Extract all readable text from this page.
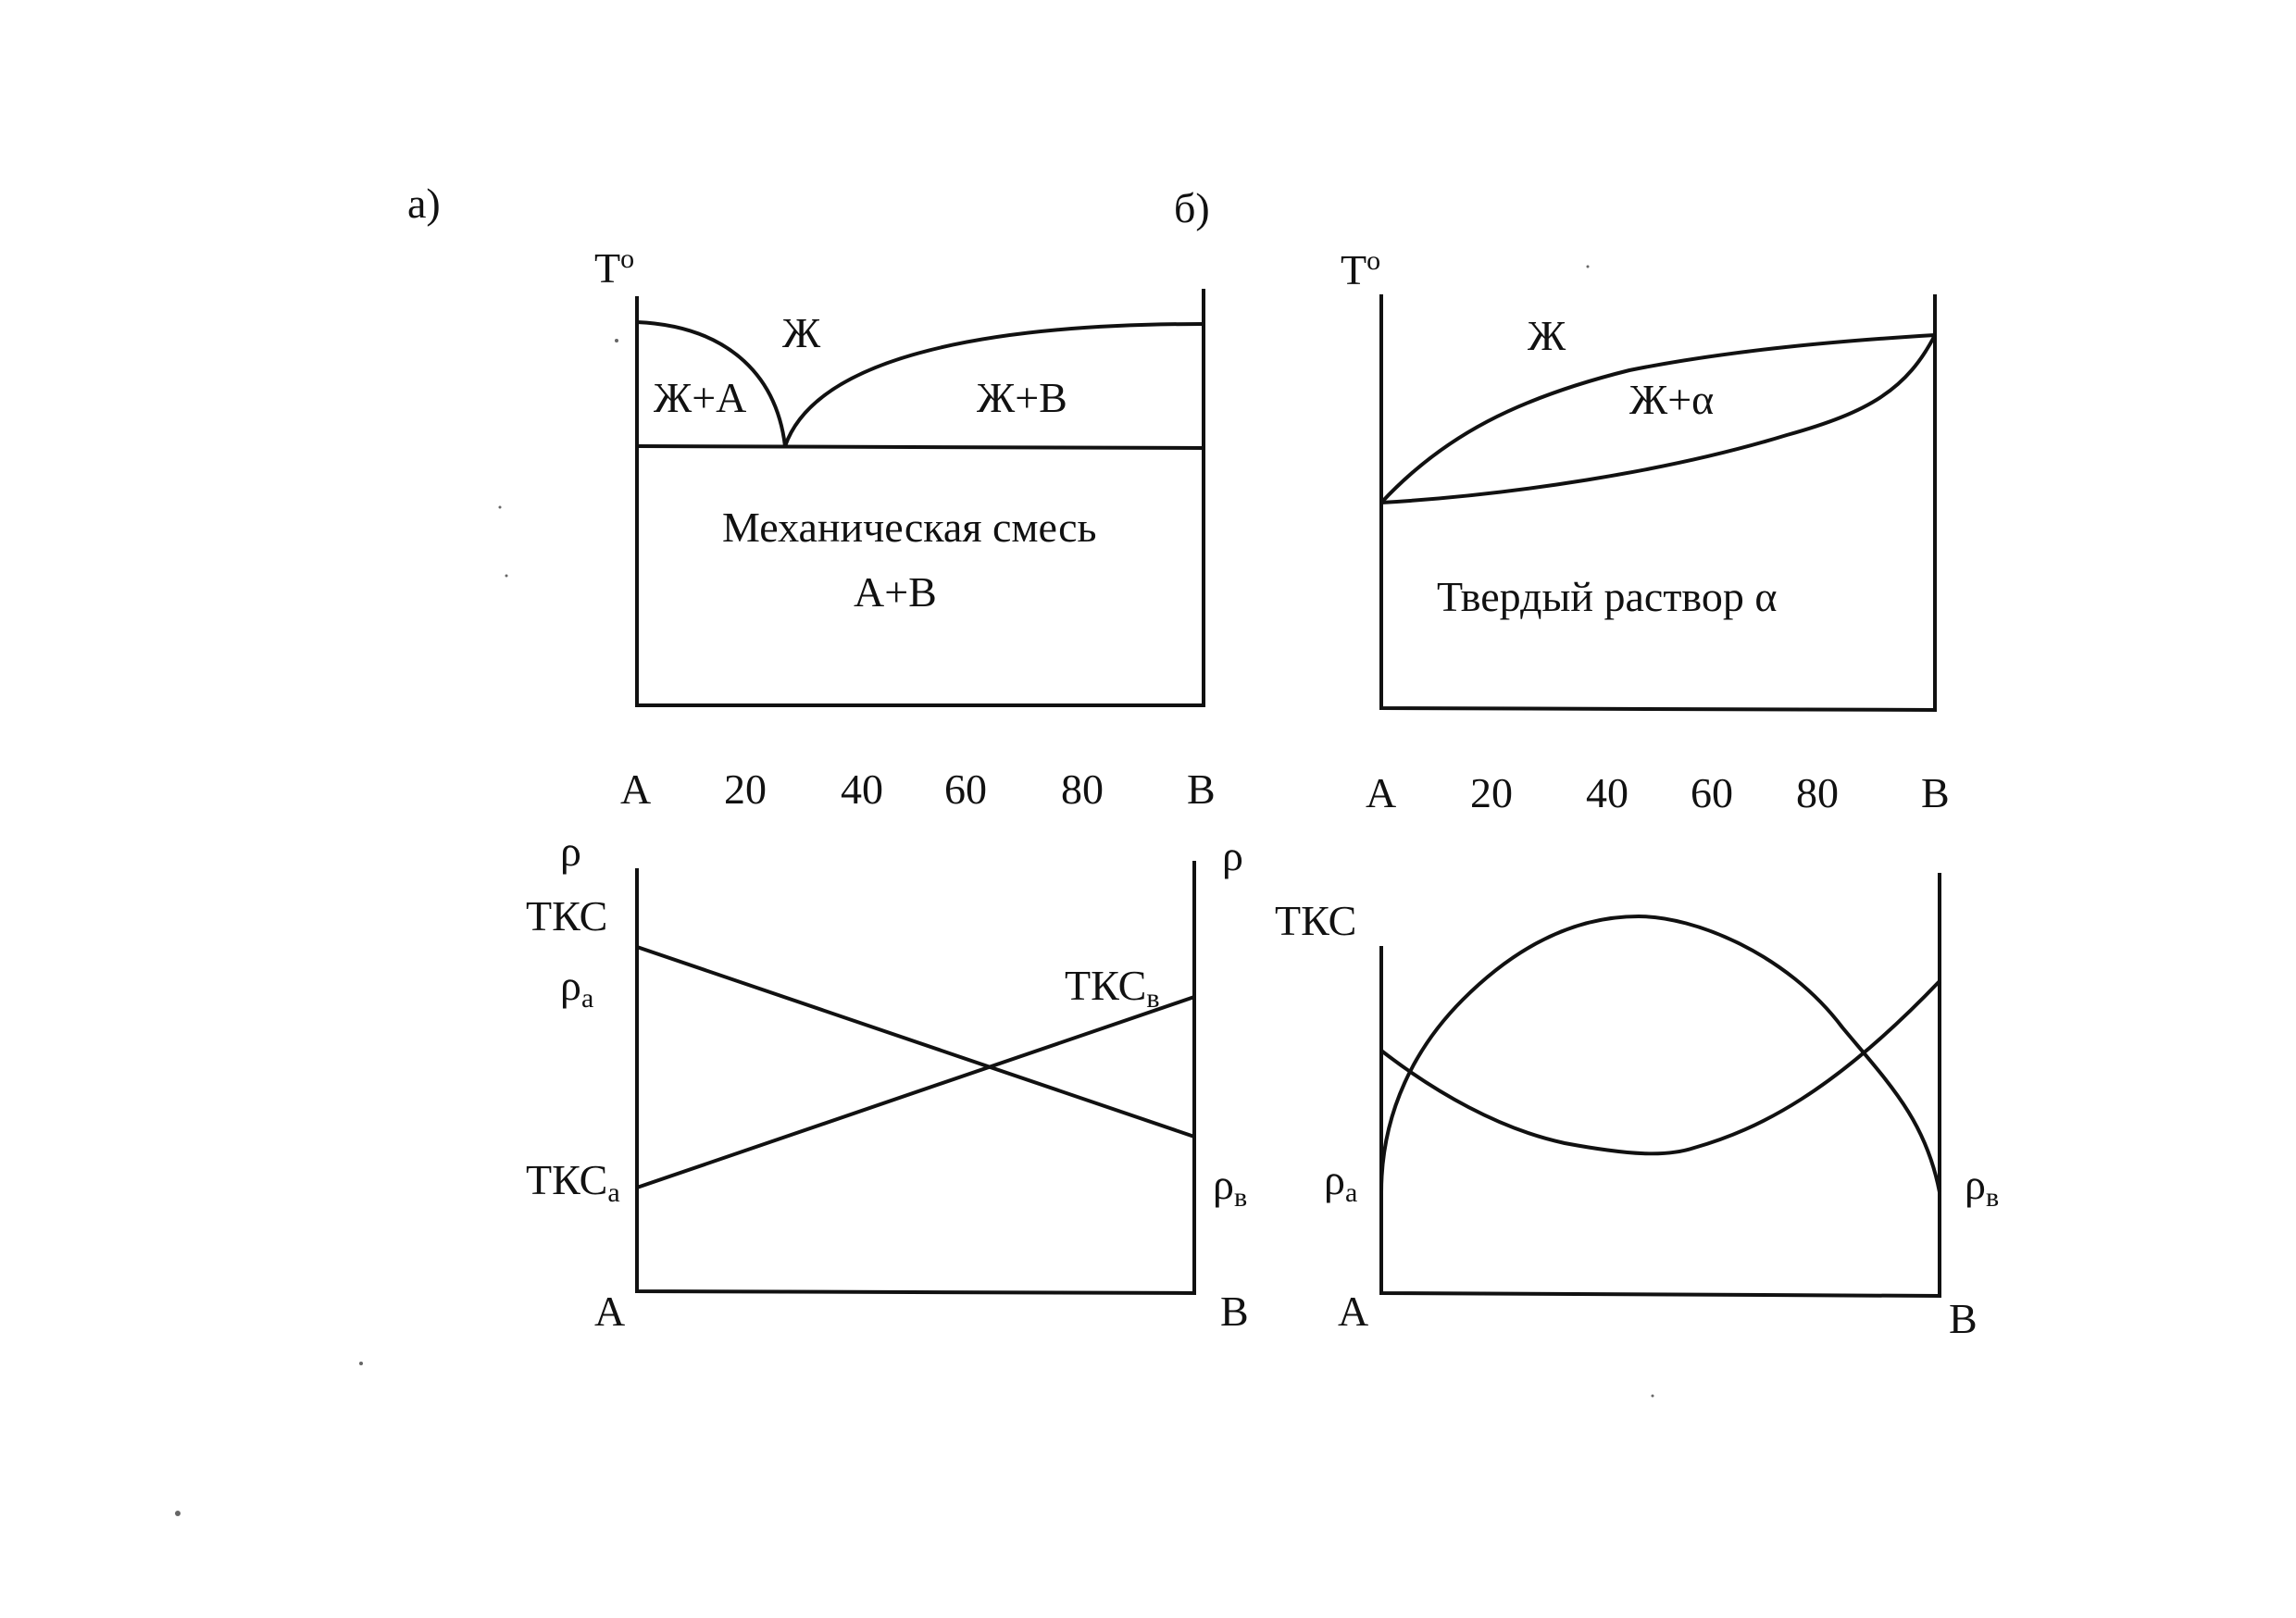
а)	б)
$T^o$
Ж
Ж+А	Ж+В
Механическая смесь
А+В
А 20 40 60 80 В
ρ
ТКС
ρа
ТКСа
ρ
ТКСв
ρв
А	В
$T^o$
Ж
Ж+α
Твердый раствор α
А 20 40 60 80 В
ТКС
ρа	ρв
А	В
